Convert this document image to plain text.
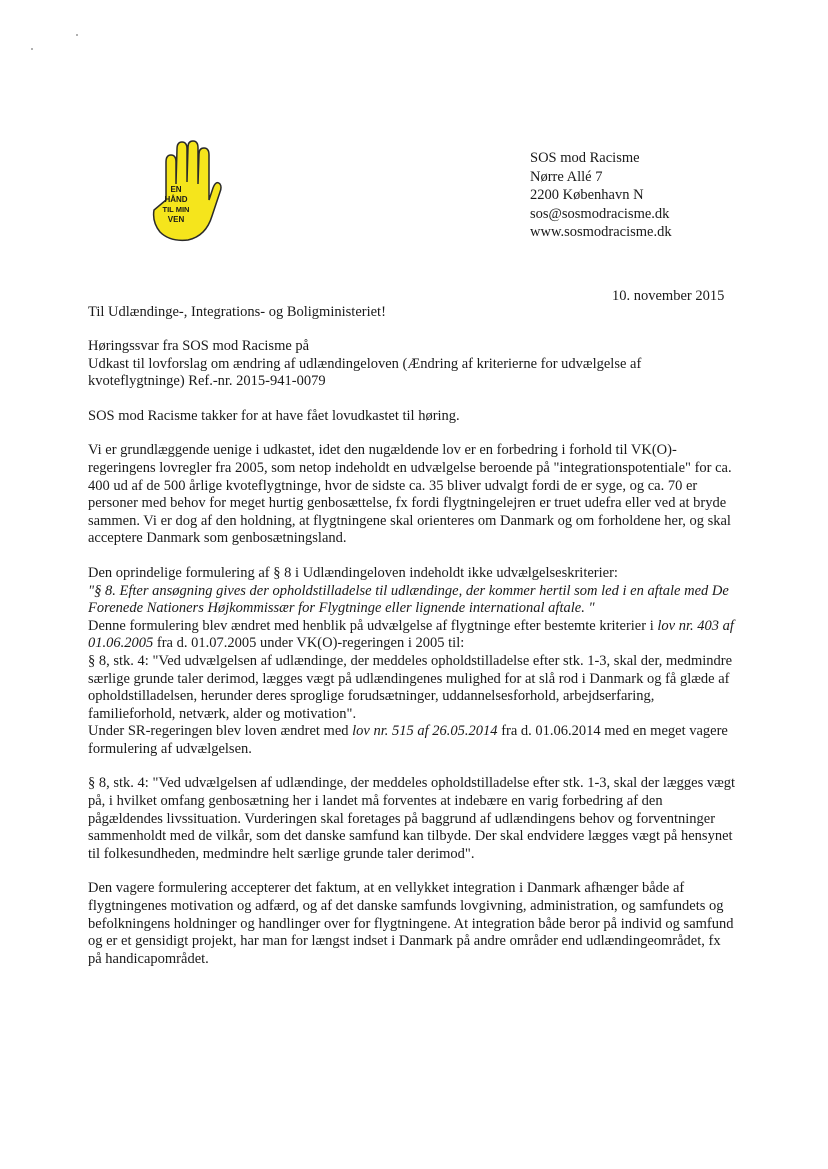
EN
HÅND
TIL MIN
VEN
SOS mod Racisme
Nørre Allé 7
2200 København N
sos@sosmodracisme.dk
www.sosmodracisme.dk
10. november 2015
Til Udlændinge-, Integrations- og Boligministeriet!

Høringssvar fra SOS mod Racisme på
Udkast til lovforslag om ændring af udlændingeloven (Ændring af kriterierne for udvælgelse af kvoteflygtninge) Ref.-nr. 2015-941-0079

SOS mod Racisme takker for at have fået lovudkastet til høring.

Vi er grundlæggende uenige i udkastet, idet den nugældende lov er en forbedring i forhold til VK(O)-regeringens lovregler fra 2005, som netop indeholdt en udvælgelse beroende på "integrationspotentiale" for ca. 400 ud af de 500 årlige kvoteflygtninge, hvor de sidste ca. 35 bliver udvalgt fordi de er syge, og ca. 70 er personer med behov for meget hurtig genbosættelse, fx fordi flygtningelejren er truet udefra eller ved at bryde sammen. Vi er dog af den holdning, at flygtningene skal orienteres om Danmark og om forholdene her, og skal acceptere Danmark som genbosætningsland.

Den oprindelige formulering af § 8 i Udlændingeloven indeholdt ikke udvælgelseskriterier:
"§ 8. Efter ansøgning gives der opholdstilladelse til udlændinge, der kommer hertil som led i en aftale med De Forenede Nationers Højkommissær for Flygtninge eller lignende international aftale. "
Denne formulering blev ændret med henblik på udvælgelse af flygtninge efter bestemte kriterier i lov nr. 403 af 01.06.2005 fra d. 01.07.2005 under VK(O)-regeringen i 2005 til:
§ 8, stk. 4: "Ved udvælgelsen af udlændinge, der meddeles opholdstilladelse efter stk. 1-3, skal der, medmindre særlige grunde taler derimod, lægges vægt på udlændingenes mulighed for at slå rod i Danmark og få glæde af opholdstilladelsen, herunder deres sproglige forudsætninger, uddannelsesforhold, arbejdserfaring, familieforhold, netværk, alder og motivation".
Under SR-regeringen blev loven ændret med lov nr. 515 af 26.05.2014 fra d. 01.06.2014 med en meget vagere formulering af udvælgelsen.

§ 8, stk. 4: "Ved udvælgelsen af udlændinge, der meddeles opholdstilladelse efter stk. 1-3, skal der lægges vægt på, i hvilket omfang genbosætning her i landet må forventes at indebære en varig forbedring af den pågældendes livssituation. Vurderingen skal foretages på baggrund af udlændingens behov og forventninger sammenholdt med de vilkår, som det danske samfund kan tilbyde. Der skal endvidere lægges vægt på hensynet til folkesundheden, medmindre helt særlige grunde taler derimod".

Den vagere formulering accepterer det faktum, at en vellykket integration i Danmark afhænger både af flygtningenes motivation og adfærd, og af det danske samfunds lovgivning, administration, og samfundets og befolkningens holdninger og handlinger over for flygtningene. At integration både beror på individ og samfund og er et gensidigt projekt, har man for længst indset i Danmark på andre områder end udlændingeområdet, fx på handicapområdet.
